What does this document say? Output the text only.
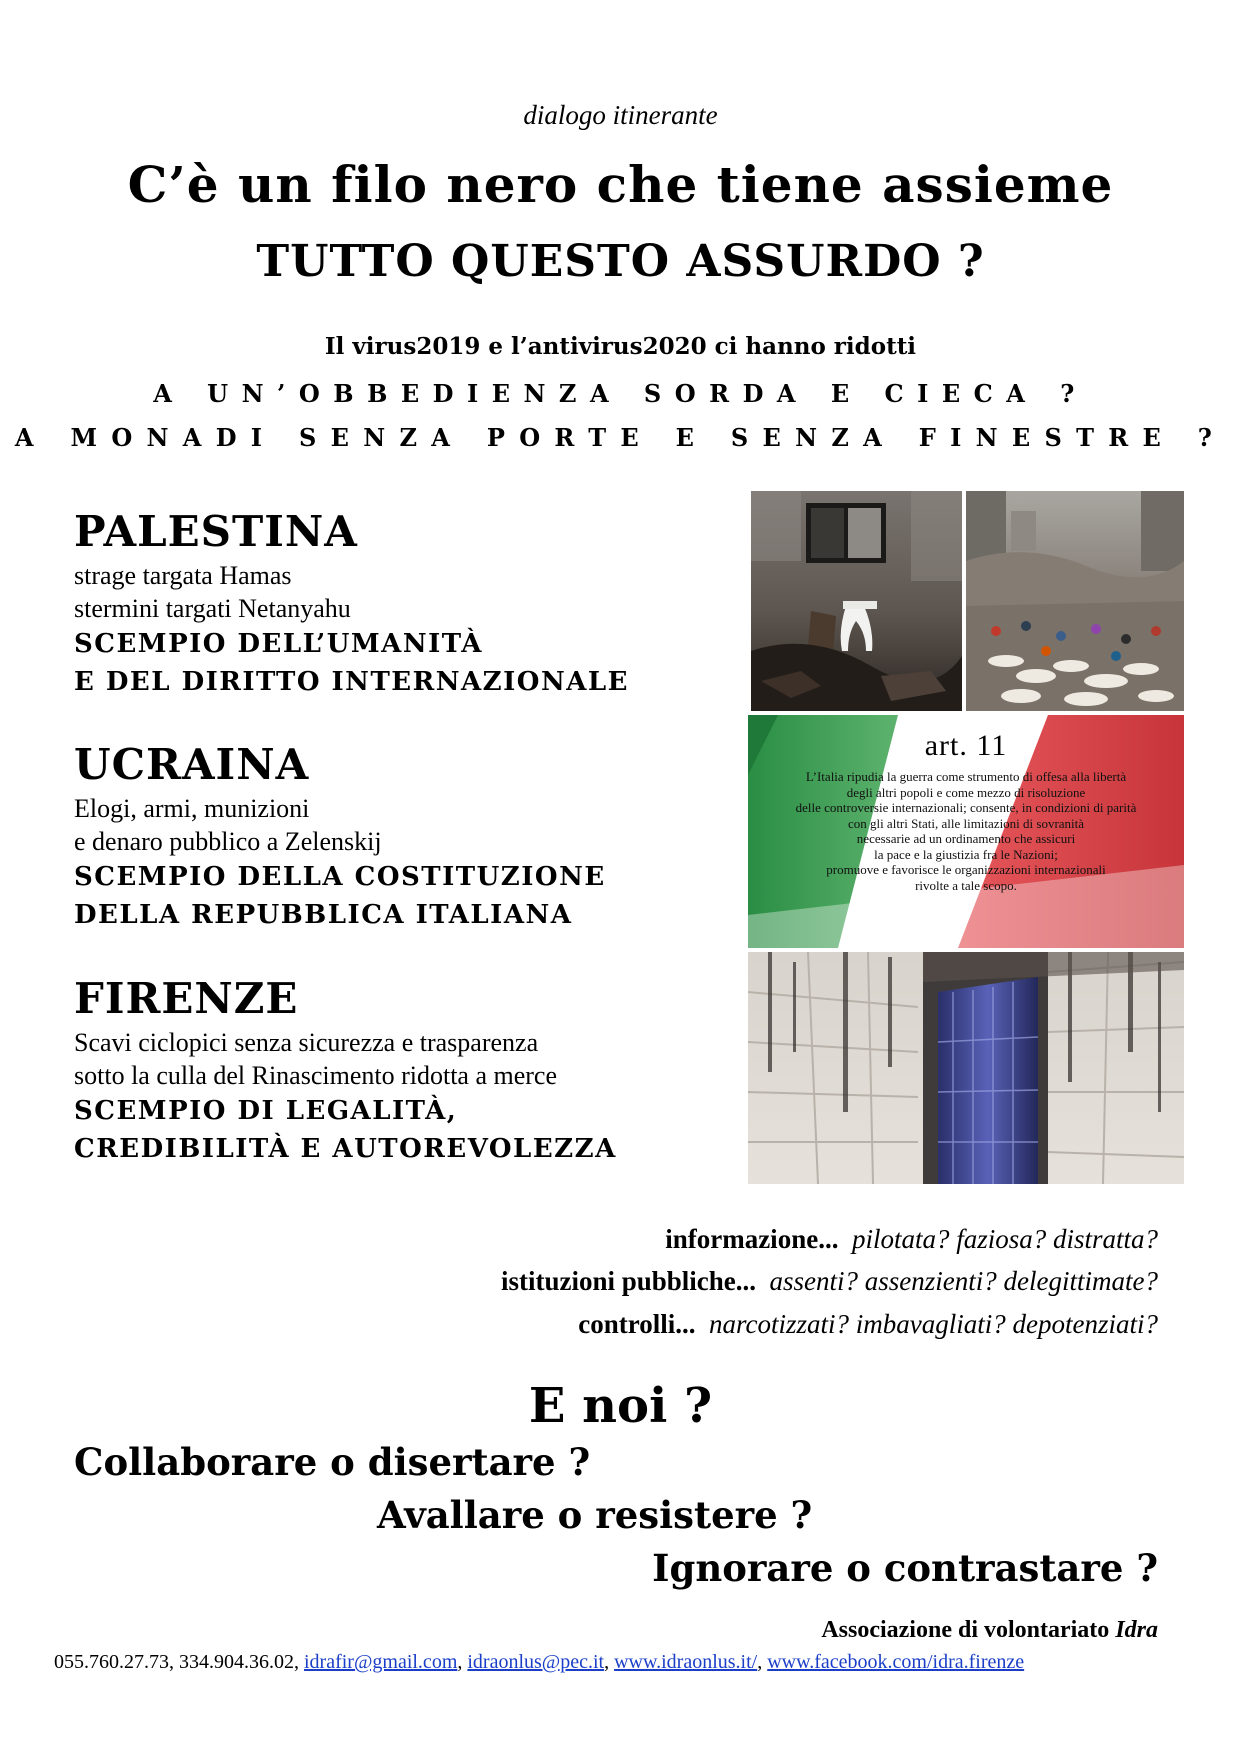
dialogo itinerante
C’è un filo nero che tiene assieme
TUTTO QUESTO ASSURDO ?
Il virus2019 e l’antivirus2020 ci hanno ridotti
A UN’OBBEDIENZA SORDA E CIECA ?
A MONADI SENZA PORTE E SENZA FINESTRE ?
PALESTINA
strage targata Hamas
stermini targati Netanyahu
SCEMPIO DELL’UMANITÀ
E DEL DIRITTO INTERNAZIONALE
UCRAINA
Elogi, armi, munizioni
e denaro pubblico a Zelenskij
SCEMPIO DELLA COSTITUZIONE
DELLA REPUBBLICA ITALIANA
FIRENZE
Scavi ciclopici senza sicurezza e trasparenza
sotto la culla del Rinascimento ridotta a merce
SCEMPIO DI LEGALITÀ,
CREDIBILITÀ E AUTOREVOLEZZA
art. 11
L’Italia ripudia la guerra come strumento di offesa alla libertà
degli altri popoli e come mezzo di risoluzione
delle controversie internazionali; consente, in condizioni di parità
con gli altri Stati, alle limitazioni di sovranità
necessarie ad un ordinamento che assicuri
la pace e la giustizia fra le Nazioni;
promuove e favorisce le organizzazioni internazionali
rivolte a tale scopo.
informazione... pilotata? faziosa? distratta?
istituzioni pubbliche... assenti? assenzienti? delegittimate?
controlli... narcotizzati? imbavagliati? depotenziati?
E noi ?
Collaborare o disertare ?
Avallare o resistere ?
Ignorare o contrastare ?
Associazione di volontariato Idra
055.760.27.73, 334.904.36.02, idrafir@gmail.com, idraonlus@pec.it, www.idraonlus.it/, www.facebook.com/idra.firenze
